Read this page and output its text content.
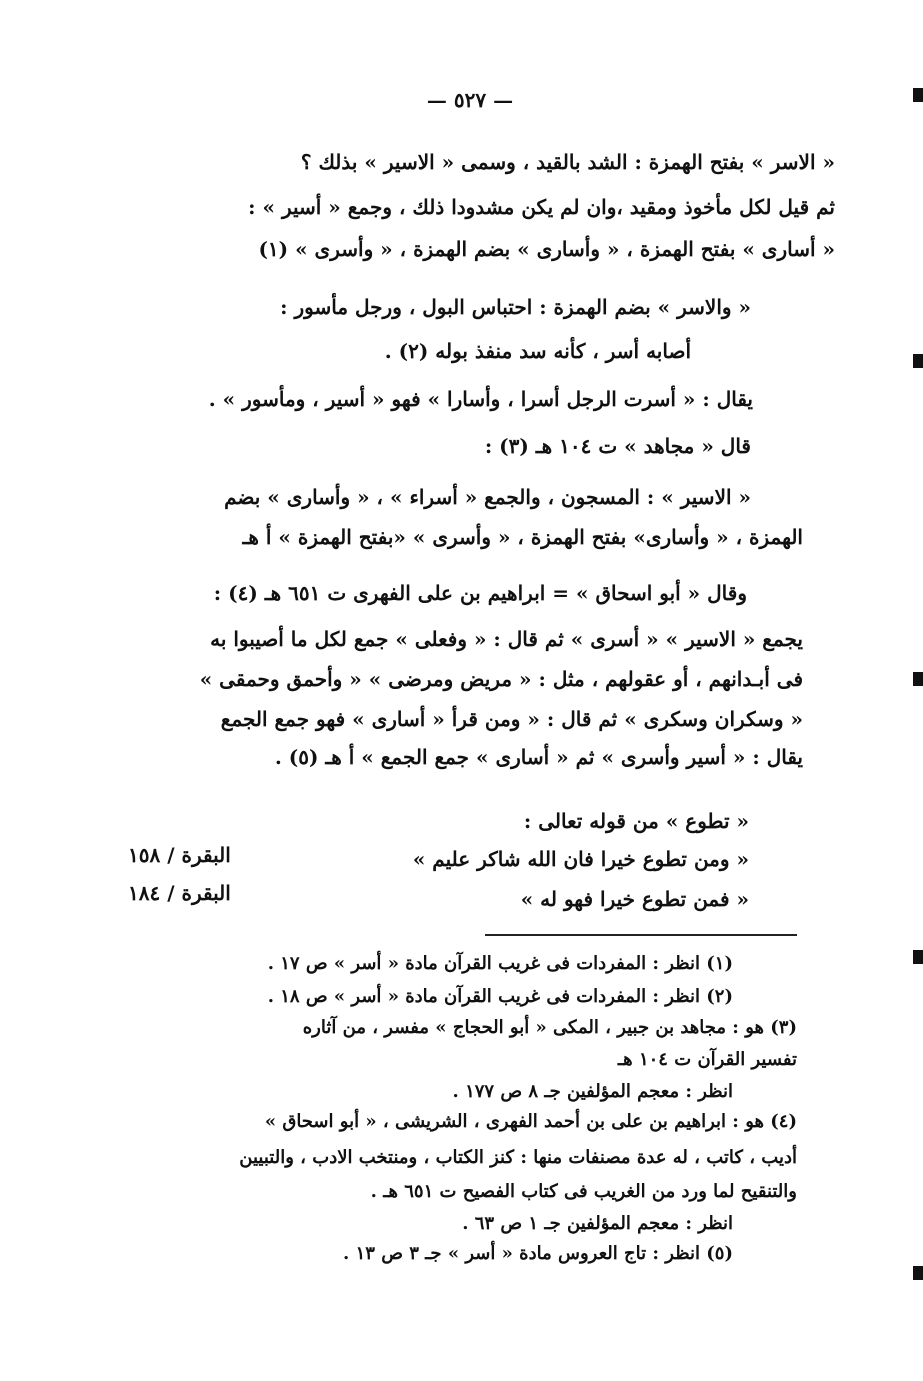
— ٥٢٧ —
« الاسر » بفتح الهمزة : الشد بالقيد ، وسمى « الاسير » بذلك ؟
ثم قيل لكل مأخوذ ومقيد ،وان لم يكن مشدودا ذلك ، وجمع « أسير » :
« أسارى » بفتح الهمزة ، « وأسارى » بضم الهمزة ، « وأسرى » (١)
« والاسر » بضم الهمزة : احتباس البول ، ورجل مأسور :
أصابه أسر ، كأنه سد منفذ بوله (٢) .
يقال : « أسرت الرجل أسرا ، وأسارا » فهو « أسير ، ومأسور » .
قال « مجاهد » ت ١٠٤ هـ (٣) :
« الاسير » : المسجون ، والجمع « أسراء » ، « وأسارى » بضم
الهمزة ، « وأسارى» بفتح الهمزة ، « وأسرى » «بفتح الهمزة » أ هـ
وقال « أبو اسحاق » = ابراهيم بن على الفهرى ت ٦٥١ هـ (٤) :
يجمع « الاسير » « أسرى » ثم قال : « وفعلى » جمع لكل ما أصيبوا به
فى أبـدانهم ، أو عقولهم ، مثل : « مريض ومرضى » « وأحمق وحمقى »
« وسكران وسكرى » ثم قال : « ومن قرأ « أسارى » فهو جمع الجمع
يقال : « أسير وأسرى » ثم « أسارى » جمع الجمع » أ هـ (٥) .
« تطوع » من قوله تعالى :
« ومن تطوع خيرا فان الله شاكر عليم »
البقرة / ١٥٨
« فمن تطوع خيرا فهو له »
البقرة / ١٨٤
(١) انظر : المفردات فى غريب القرآن مادة « أسر » ص ١٧ .
(٢) انظر : المفردات فى غريب القرآن مادة « أسر » ص ١٨ .
(٣) هو : مجاهد بن جبير ، المكى « أبو الحجاج » مفسر ، من آثاره
تفسير القرآن ت ١٠٤ هـ
انظر : معجم المؤلفين جـ ٨ ص ١٧٧ .
(٤) هو : ابراهيم بن على بن أحمد الفهرى ، الشريشى ، « أبو اسحاق »
أديب ، كاتب ، له عدة مصنفات منها : كنز الكتاب ، ومنتخب الادب ، والتبيين
والتنقيح لما ورد من الغريب فى كتاب الفصيح ت ٦٥١ هـ .
انظر : معجم المؤلفين جـ ١ ص ٦٣ .
(٥) انظر : تاج العروس مادة « أسر » جـ ٣ ص ١٣ .
